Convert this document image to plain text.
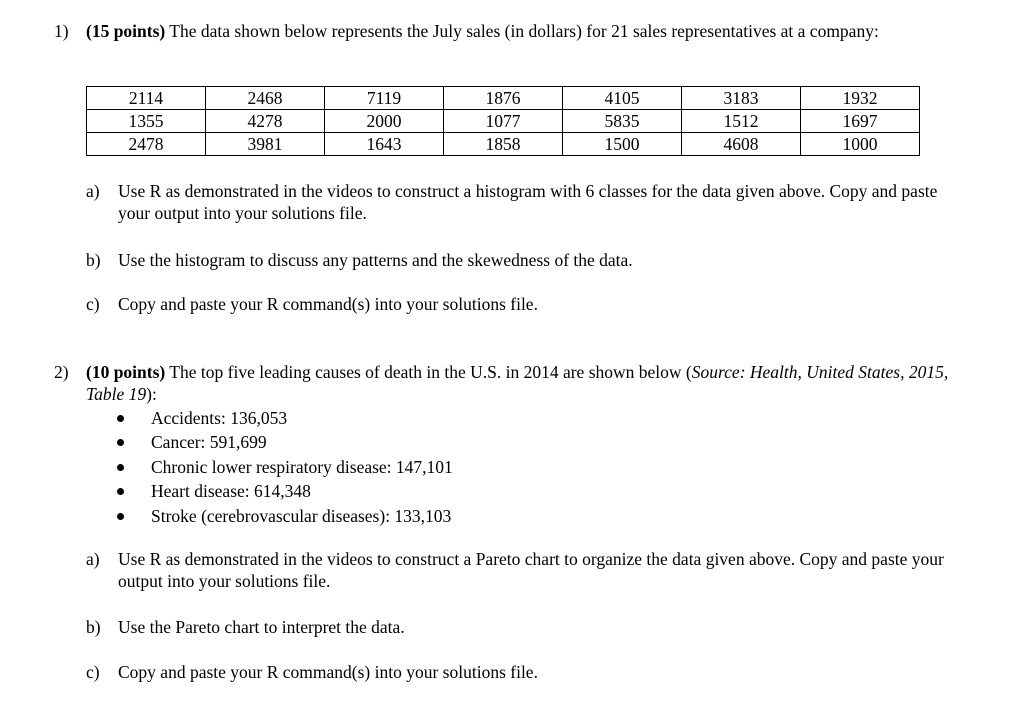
1) (15 points) The data shown below represents the July sales (in dollars) for 21 sales representatives at a company:
2114	2468	7119	1876	4105	3183	1932
1355	4278	2000	1077	5835	1512	1697
2478	3981	1643	1858	1500	4608	1000
a)	Use R as demonstrated in the videos to construct a histogram with 6 classes for the data given above. Copy and paste your output into your solutions file.
b) Use the histogram to discuss any patterns and the skewedness of the data.
c)	Copy and paste your R command(s) into your solutions file.
2) (10 points) The top five leading causes of death in the U.S. in 2014 are shown below (Source: Health, United States, 2015, Table 19):
Accidents: 136,053
Cancer: 591,699
Chronic lower respiratory disease: 147,101
Heart disease: 614,348
Stroke (cerebrovascular diseases): 133,103
a)	Use R as demonstrated in the videos to construct a Pareto chart to organize the data given above. Copy and paste your output into your solutions file.
b) Use the Pareto chart to interpret the data.
c)	Copy and paste your R command(s) into your solutions file.
